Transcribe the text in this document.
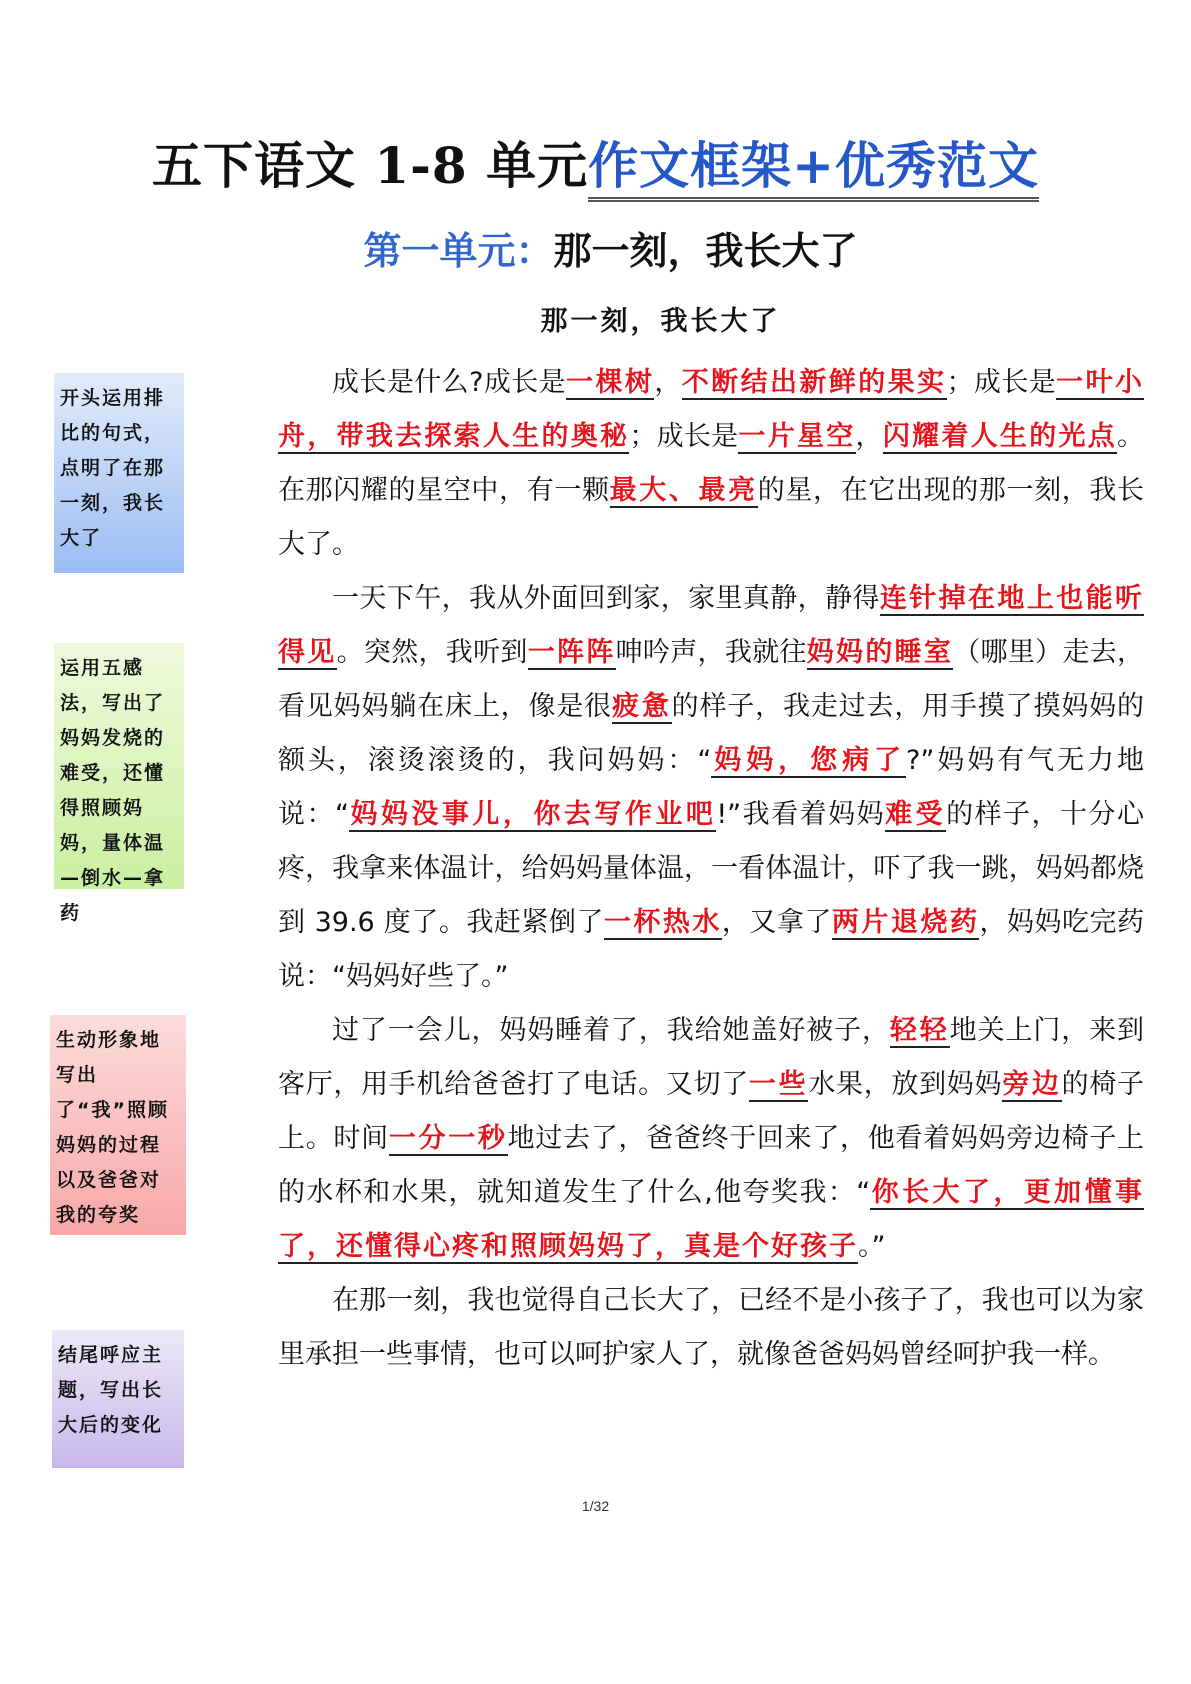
五下语文 1-8 单元作文框架+优秀范文
第一单元：那一刻，我长大了
那一刻，我长大了
开头运用排比的句式，点明了在那一刻，我长大了
运用五感法，写出了妈妈发烧的难受，还懂得照顾妈妈，量体温—倒水—拿药
生动形象地写出了“我”照顾妈妈的过程以及爸爸对我的夸奖
结尾呼应主题，写出长大后的变化

成长是什么?成长是一棵树，不断结出新鲜的果实；成长是一叶小舟，带我去探索人生的奥秘；成长是一片星空，闪耀着人生的光点。在那闪耀的星空中，有一颗最大、最亮的星，在它出现的那一刻，我长大了。

一天下午，我从外面回到家，家里真静，静得连针掉在地上也能听得见。突然，我听到一阵阵呻吟声，我就往妈妈的睡室（哪里）走去，看见妈妈躺在床上，像是很疲惫的样子，我走过去，用手摸了摸妈妈的额头，滚烫滚烫的，我问妈妈：“妈妈，您病了?”妈妈有气无力地说：“妈妈没事儿，你去写作业吧!”我看着妈妈难受的样子，十分心疼，我拿来体温计，给妈妈量体温，一看体温计，吓了我一跳，妈妈都烧到 39.6 度了。我赶紧倒了一杯热水，又拿了两片退烧药，妈妈吃完药说：“妈妈好些了。”

过了一会儿，妈妈睡着了，我给她盖好被子，轻轻地关上门，来到客厅，用手机给爸爸打了电话。又切了一些水果，放到妈妈旁边的椅子上。时间一分一秒地过去了，爸爸终于回来了，他看着妈妈旁边椅子上的水杯和水果，就知道发生了什么,他夸奖我：“你长大了，更加懂事了，还懂得心疼和照顾妈妈了，真是个好孩子。”

在那一刻，我也觉得自己长大了，已经不是小孩子了，我也可以为家里承担一些事情，也可以呵护家人了，就像爸爸妈妈曾经呵护我一样。

1/32
